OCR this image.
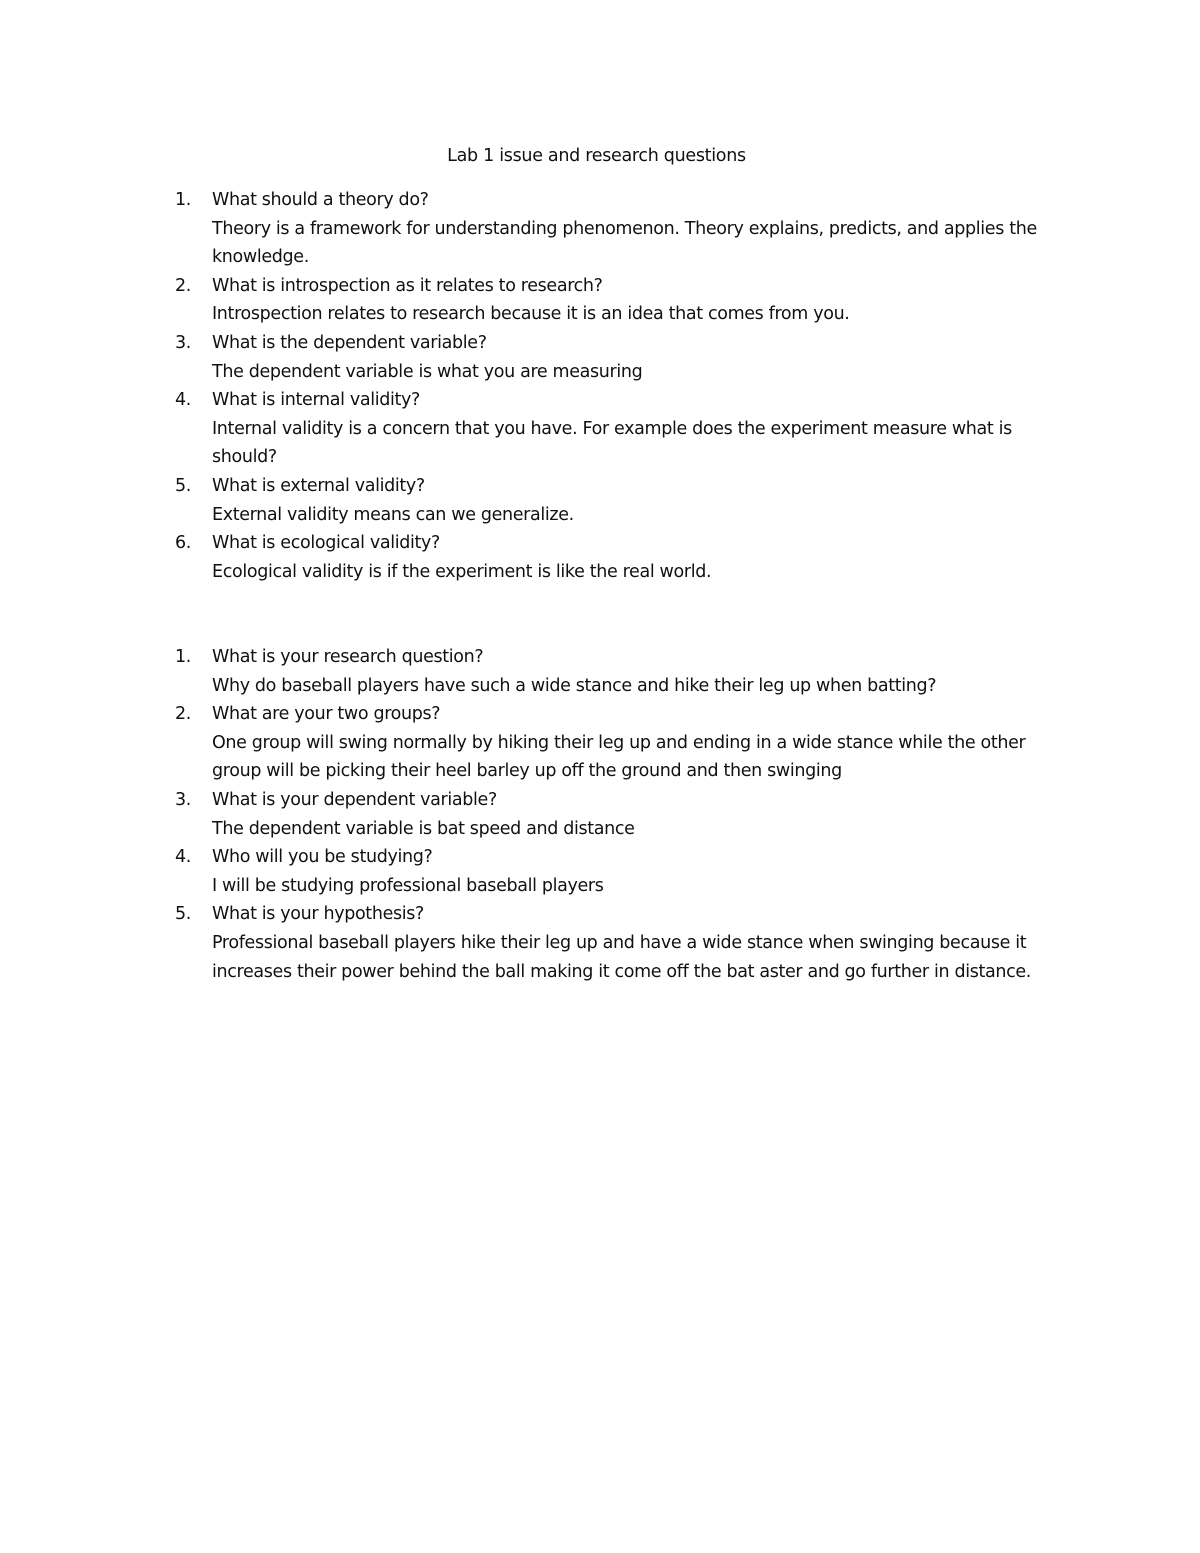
Lab 1 issue and research questions
1. What should a theory do?
Theory is a framework for understanding phenomenon. Theory explains, predicts, and applies the knowledge.
2. What is introspection as it relates to research?
Introspection relates to research because it is an idea that comes from you.
3. What is the dependent variable?
The dependent variable is what you are measuring
4. What is internal validity?
Internal validity is a concern that you have. For example does the experiment measure what is should?
5. What is external validity?
External validity means can we generalize.
6. What is ecological validity?
Ecological validity is if the experiment is like the real world.
1. What is your research question?
Why do baseball players have such a wide stance and hike their leg up when batting?
2. What are your two groups?
One group will swing normally by hiking their leg up and ending in a wide stance while the other group will be picking their heel barley up off the ground and then swinging
3. What is your dependent variable?
The dependent variable is bat speed and distance
4. Who will you be studying?
I will be studying professional baseball players
5. What is your hypothesis?
Professional baseball players hike their leg up and have a wide stance when swinging because it increases their power behind the ball making it come off the bat aster and go further in distance.
